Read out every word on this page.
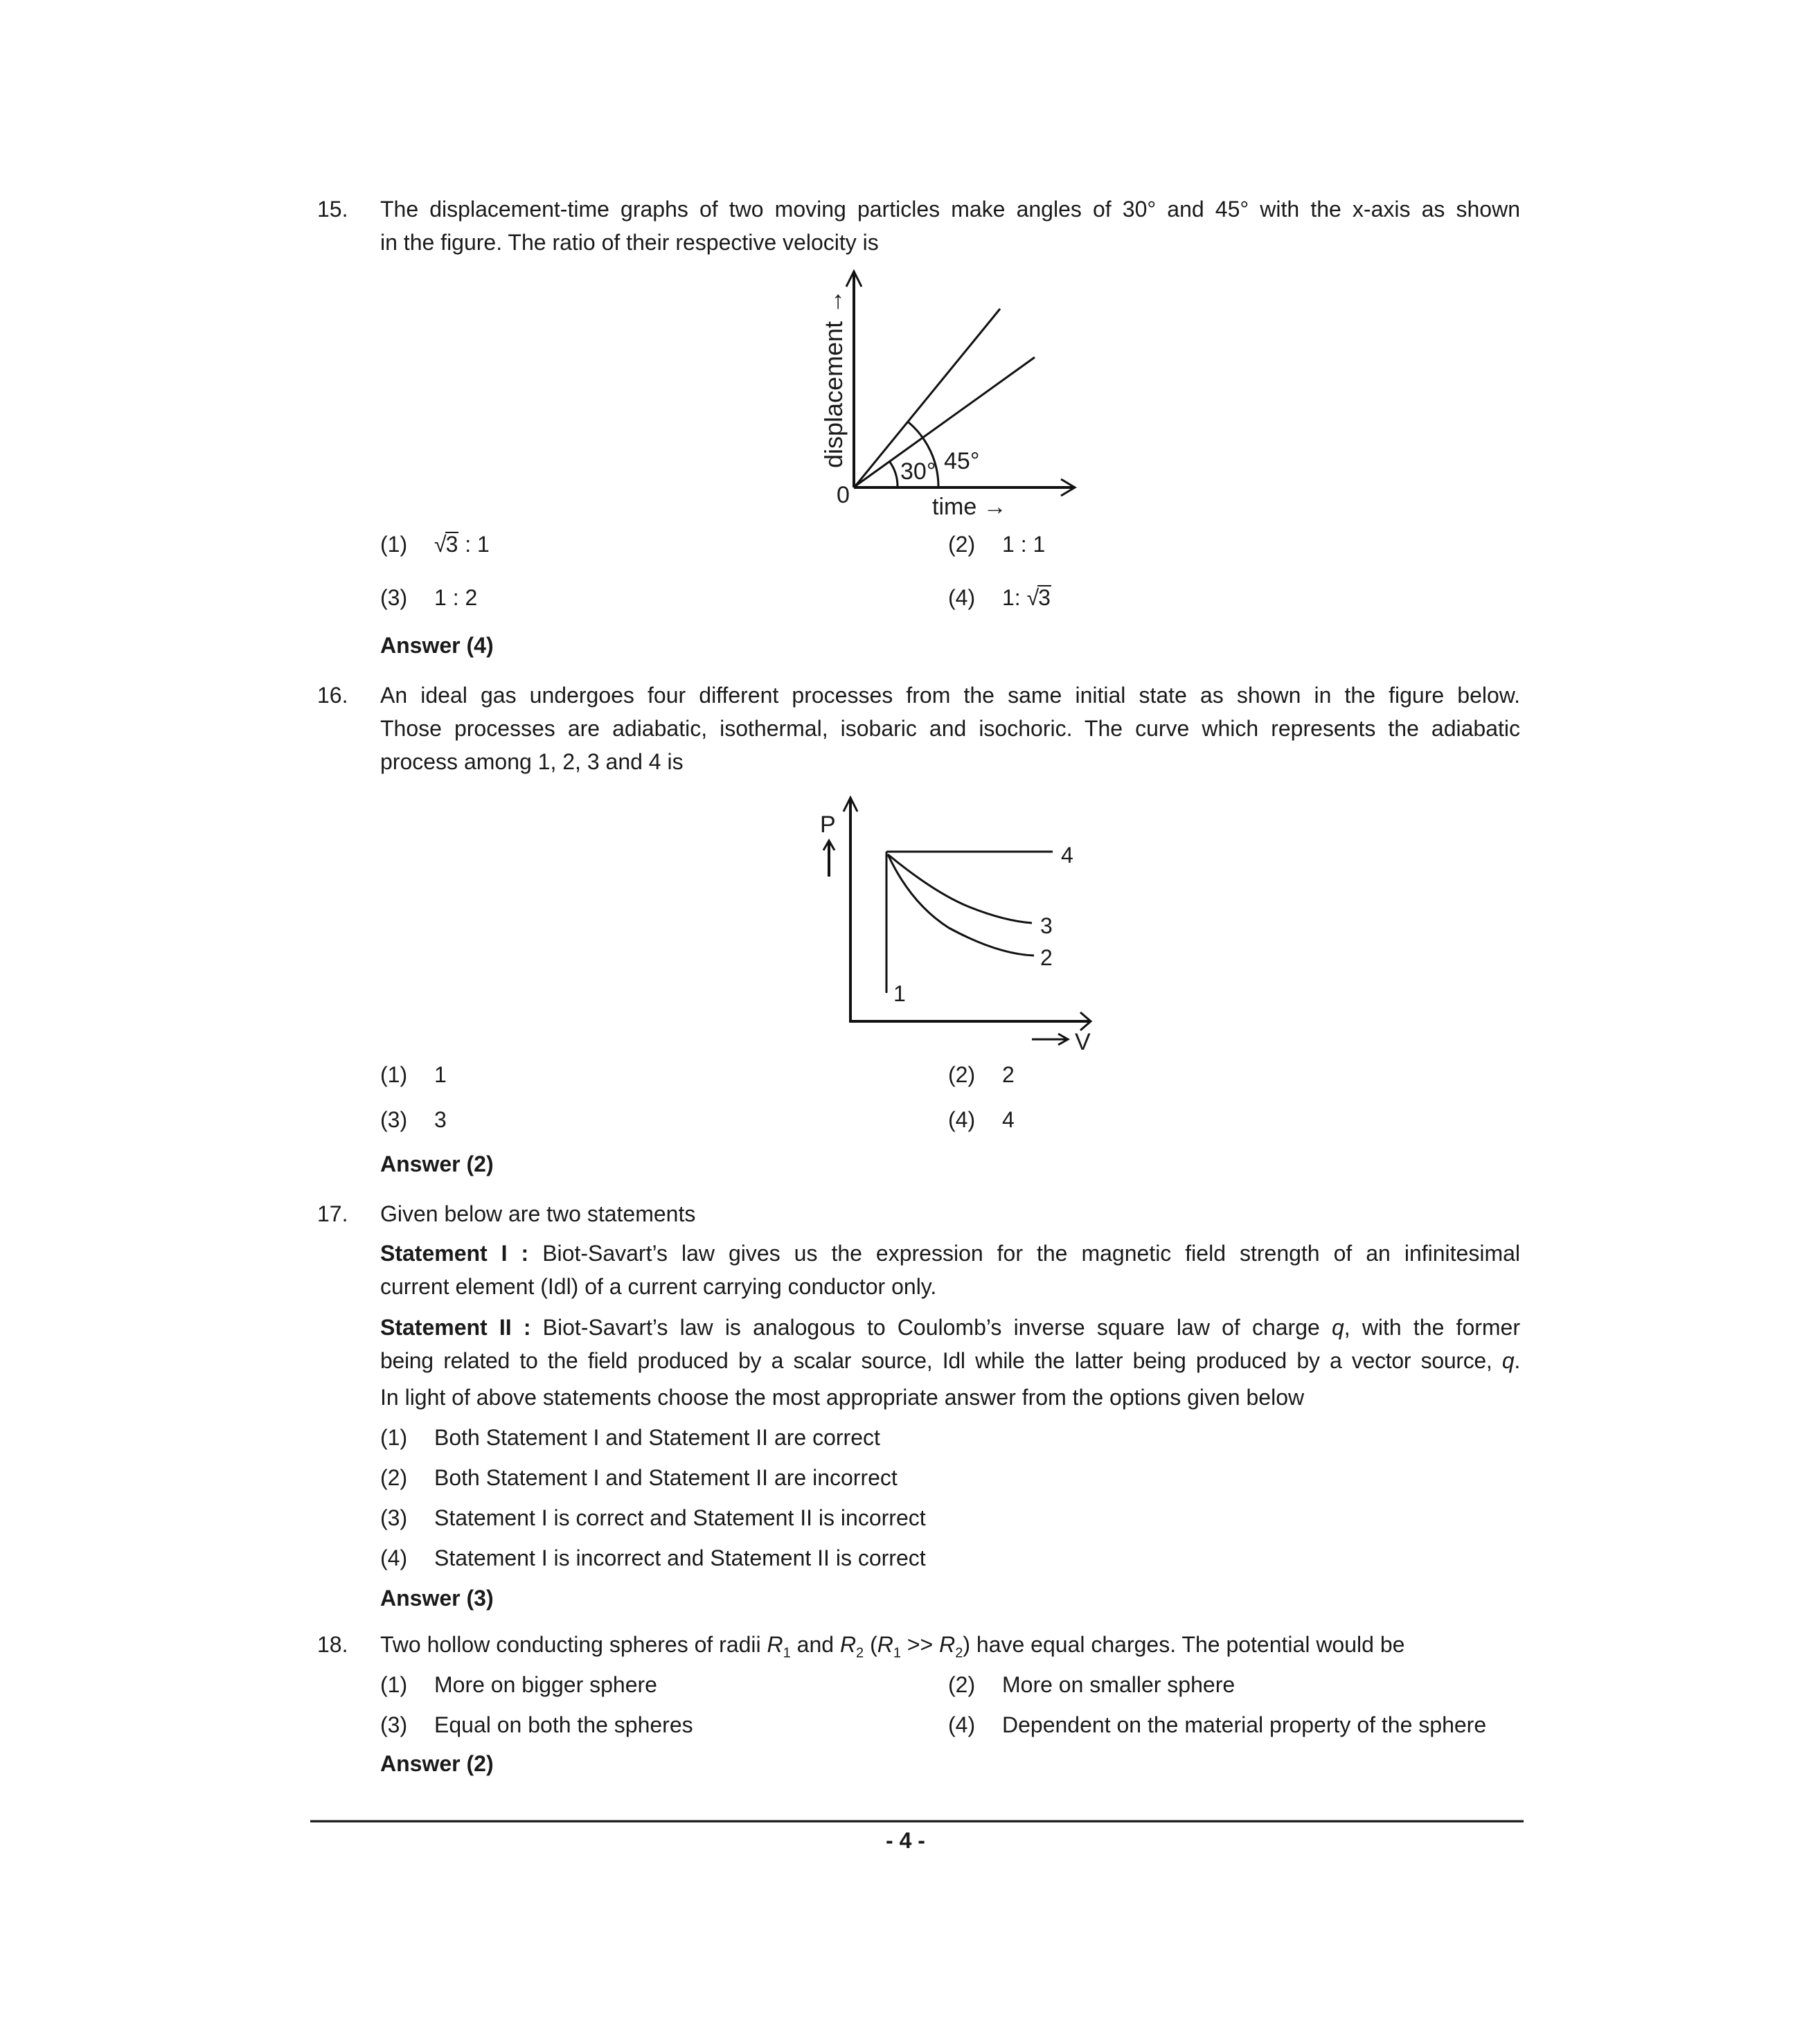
15. The displacement-time graphs of two moving particles make angles of 30° and 45° with the x-axis as shown
in the figure. The ratio of their respective velocity is
30° 45°
0	time →
displacement →
(1) √3 : 1	(2) 1 : 1
(3) 1 : 2	(4) 1: √3
Answer (4)
16. An ideal gas undergoes four different processes from the same initial state as shown in the figure below.
Those processes are adiabatic, isothermal, isobaric and isochoric. The curve which represents the adiabatic
process among 1, 2, 3 and 4 is
P
V
1
2
3
4
(1) 1	(2) 2
(3) 3	(4) 4
Answer (2)
17. Given below are two statements
Statement I : Biot-Savart’s law gives us the expression for the magnetic field strength of an infinitesimal
current element (Idl) of a current carrying conductor only.
Statement II : Biot-Savart’s law is analogous to Coulomb’s inverse square law of charge q, with the former
being related to the field produced by a scalar source, Idl while the latter being produced by a vector source, q.
In light of above statements choose the most appropriate answer from the options given below
(1) Both Statement I and Statement II are correct
(2) Both Statement I and Statement II are incorrect
(3) Statement I is correct and Statement II is incorrect
(4) Statement I is incorrect and Statement II is correct
Answer (3)
18. Two hollow conducting spheres of radii $R_1$ and $R_2$ $(R_1 >> R_2)$ have equal charges. The potential would be
(1) More on bigger sphere	(2) More on smaller sphere
(3) Equal on both the spheres	(4) Dependent on the material property of the sphere
Answer (2)
- 4 -
